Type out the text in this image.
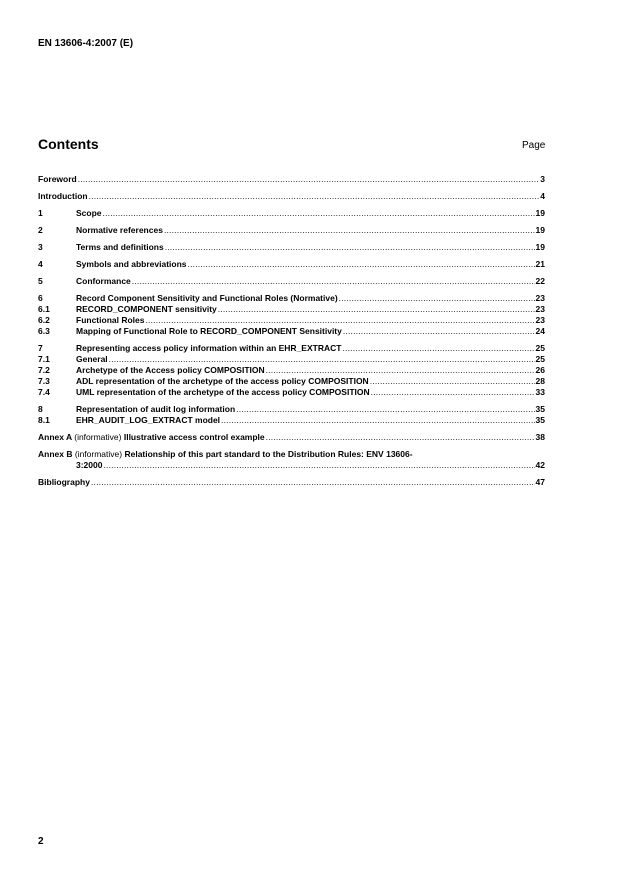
EN 13606-4:2007 (E)
Contents	Page
Foreword .....	3
Introduction .....	4
1	Scope .....	19
2	Normative references .....	19
3	Terms and definitions .....	19
4	Symbols and abbreviations .....	21
5	Conformance .....	22
6	Record Component Sensitivity and Functional Roles (Normative) .....	23
6.1	RECORD_COMPONENT sensitivity .....	23
6.2	Functional Roles .....	23
6.3	Mapping of Functional Role to RECORD_COMPONENT Sensitivity .....	24
7	Representing access policy information within an EHR_EXTRACT .....	25
7.1	General .....	25
7.2	Archetype of the Access policy COMPOSITION .....	26
7.3	ADL representation of the archetype of the access policy COMPOSITION .....	28
7.4	UML representation of the archetype of the access policy COMPOSITION .....	33
8	Representation of audit log information .....	35
8.1	EHR_AUDIT_LOG_EXTRACT model .....	35
Annex A (informative) Illustrative access control example .....	38
Annex B (informative) Relationship of this part standard to the Distribution Rules: ENV 13606-
3:2000 .....	42
Bibliography .....	47
2
